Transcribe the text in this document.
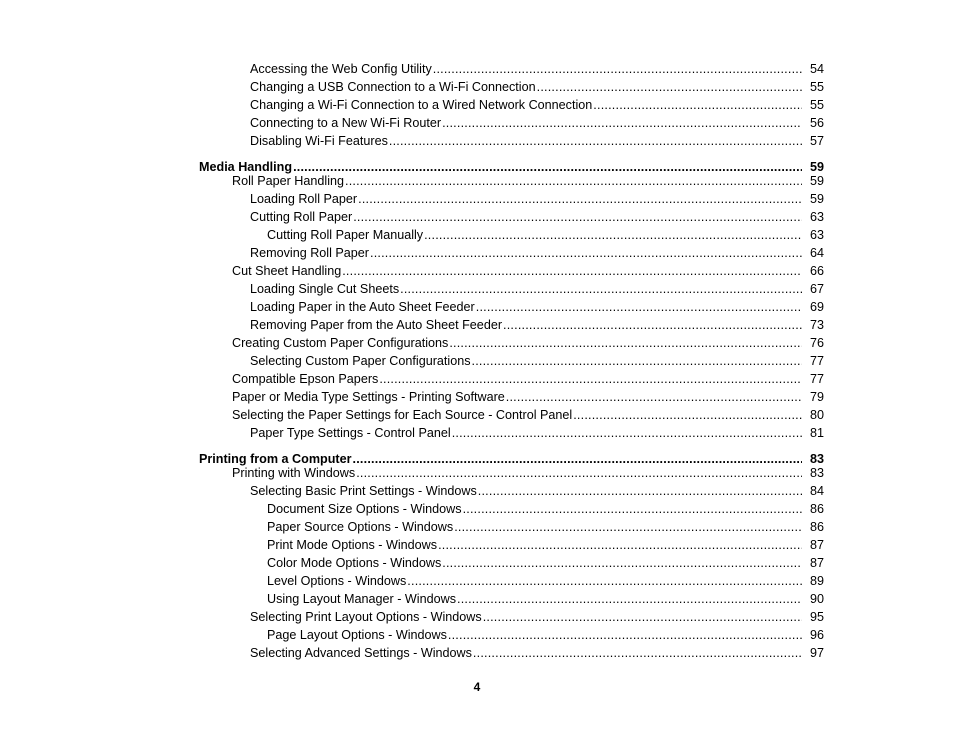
Accessing the Web Config Utility .....	54
Changing a USB Connection to a Wi-Fi Connection .....	55
Changing a Wi-Fi Connection to a Wired Network Connection .....	55
Connecting to a New Wi-Fi Router .....	56
Disabling Wi-Fi Features .....	57
Media Handling .....	59
Roll Paper Handling .....	59
Loading Roll Paper .....	59
Cutting Roll Paper .....	63
Cutting Roll Paper Manually .....	63
Removing Roll Paper .....	64
Cut Sheet Handling .....	66
Loading Single Cut Sheets .....	67
Loading Paper in the Auto Sheet Feeder .....	69
Removing Paper from the Auto Sheet Feeder .....	73
Creating Custom Paper Configurations .....	76
Selecting Custom Paper Configurations .....	77
Compatible Epson Papers .....	77
Paper or Media Type Settings - Printing Software .....	79
Selecting the Paper Settings for Each Source - Control Panel .....	80
Paper Type Settings - Control Panel .....	81
Printing from a Computer .....	83
Printing with Windows .....	83
Selecting Basic Print Settings - Windows .....	84
Document Size Options - Windows .....	86
Paper Source Options - Windows .....	86
Print Mode Options - Windows .....	87
Color Mode Options - Windows .....	87
Level Options - Windows .....	89
Using Layout Manager - Windows .....	90
Selecting Print Layout Options - Windows .....	95
Page Layout Options - Windows .....	96
Selecting Advanced Settings - Windows .....	97
4
